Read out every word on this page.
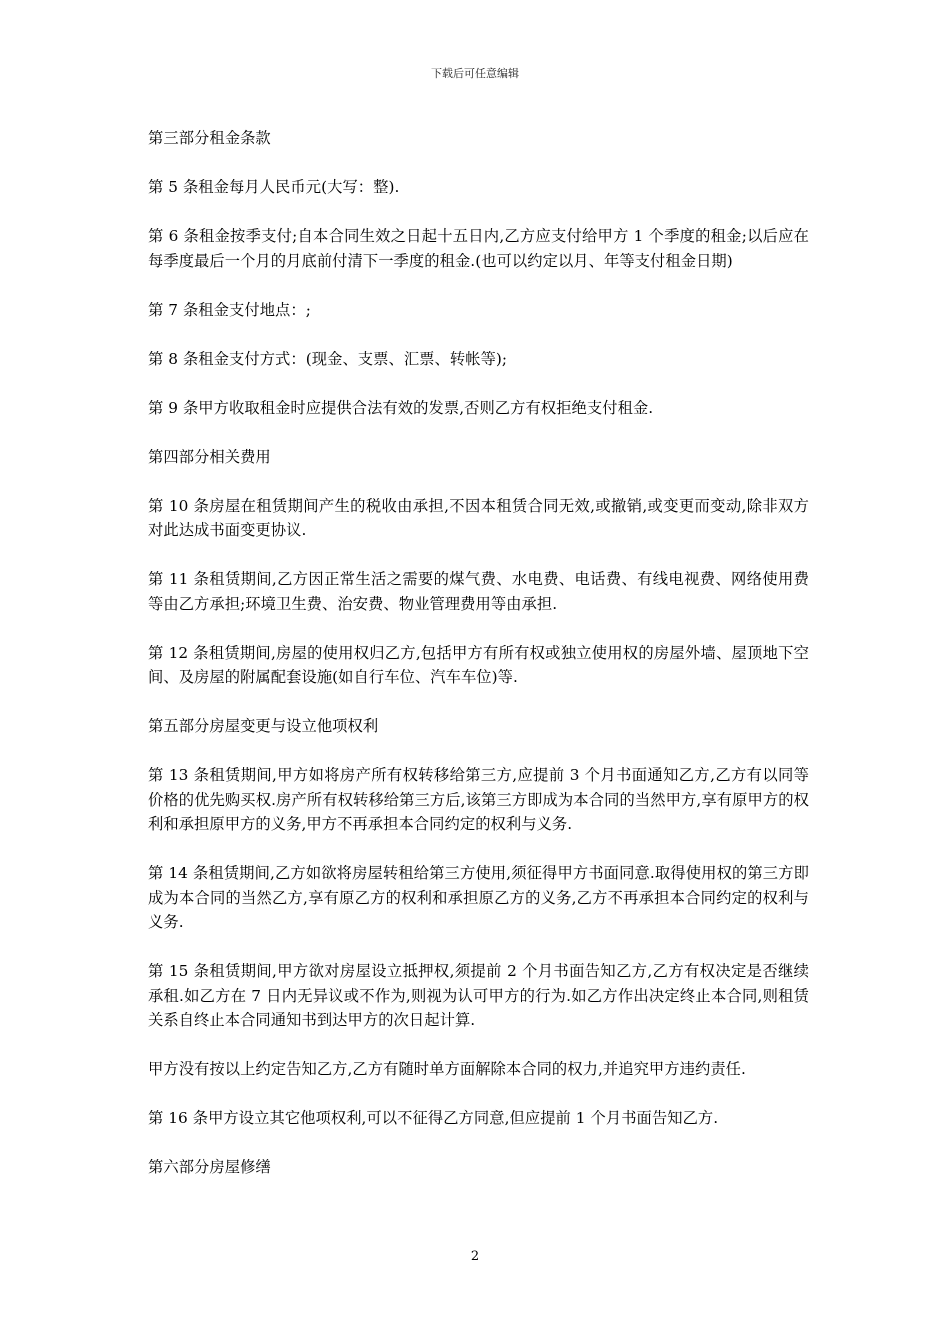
下载后可任意编辑

第三部分租金条款

第 5 条租金每月人民币元(大写：整).

第 6 条租金按季支付;自本合同生效之日起十五日内,乙方应支付给甲方 1 个季度的租金;以后应在每季度最后一个月的月底前付清下一季度的租金.(也可以约定以月、年等支付租金日期)

第 7 条租金支付地点：;

第 8 条租金支付方式：(现金、支票、汇票、转帐等);

第 9 条甲方收取租金时应提供合法有效的发票,否则乙方有权拒绝支付租金.

第四部分相关费用

第 10 条房屋在租赁期间产生的税收由承担,不因本租赁合同无效,或撤销,或变更而变动,除非双方对此达成书面变更协议.

第 11 条租赁期间,乙方因正常生活之需要的煤气费、水电费、电话费、有线电视费、网络使用费等由乙方承担;环境卫生费、治安费、物业管理费用等由承担.

第 12 条租赁期间,房屋的使用权归乙方,包括甲方有所有权或独立使用权的房屋外墙、屋顶地下空间、及房屋的附属配套设施(如自行车位、汽车车位)等.

第五部分房屋变更与设立他项权利

第 13 条租赁期间,甲方如将房产所有权转移给第三方,应提前 3 个月书面通知乙方,乙方有以同等价格的优先购买权.房产所有权转移给第三方后,该第三方即成为本合同的当然甲方,享有原甲方的权利和承担原甲方的义务,甲方不再承担本合同约定的权利与义务.

第 14 条租赁期间,乙方如欲将房屋转租给第三方使用,须征得甲方书面同意.取得使用权的第三方即成为本合同的当然乙方,享有原乙方的权利和承担原乙方的义务,乙方不再承担本合同约定的权利与义务.

第 15 条租赁期间,甲方欲对房屋设立抵押权,须提前 2 个月书面告知乙方,乙方有权决定是否继续承租.如乙方在 7 日内无异议或不作为,则视为认可甲方的行为.如乙方作出决定终止本合同,则租赁关系自终止本合同通知书到达甲方的次日起计算.

甲方没有按以上约定告知乙方,乙方有随时单方面解除本合同的权力,并追究甲方违约责任.

第 16 条甲方设立其它他项权利,可以不征得乙方同意,但应提前 1 个月书面告知乙方.

第六部分房屋修缮

2
